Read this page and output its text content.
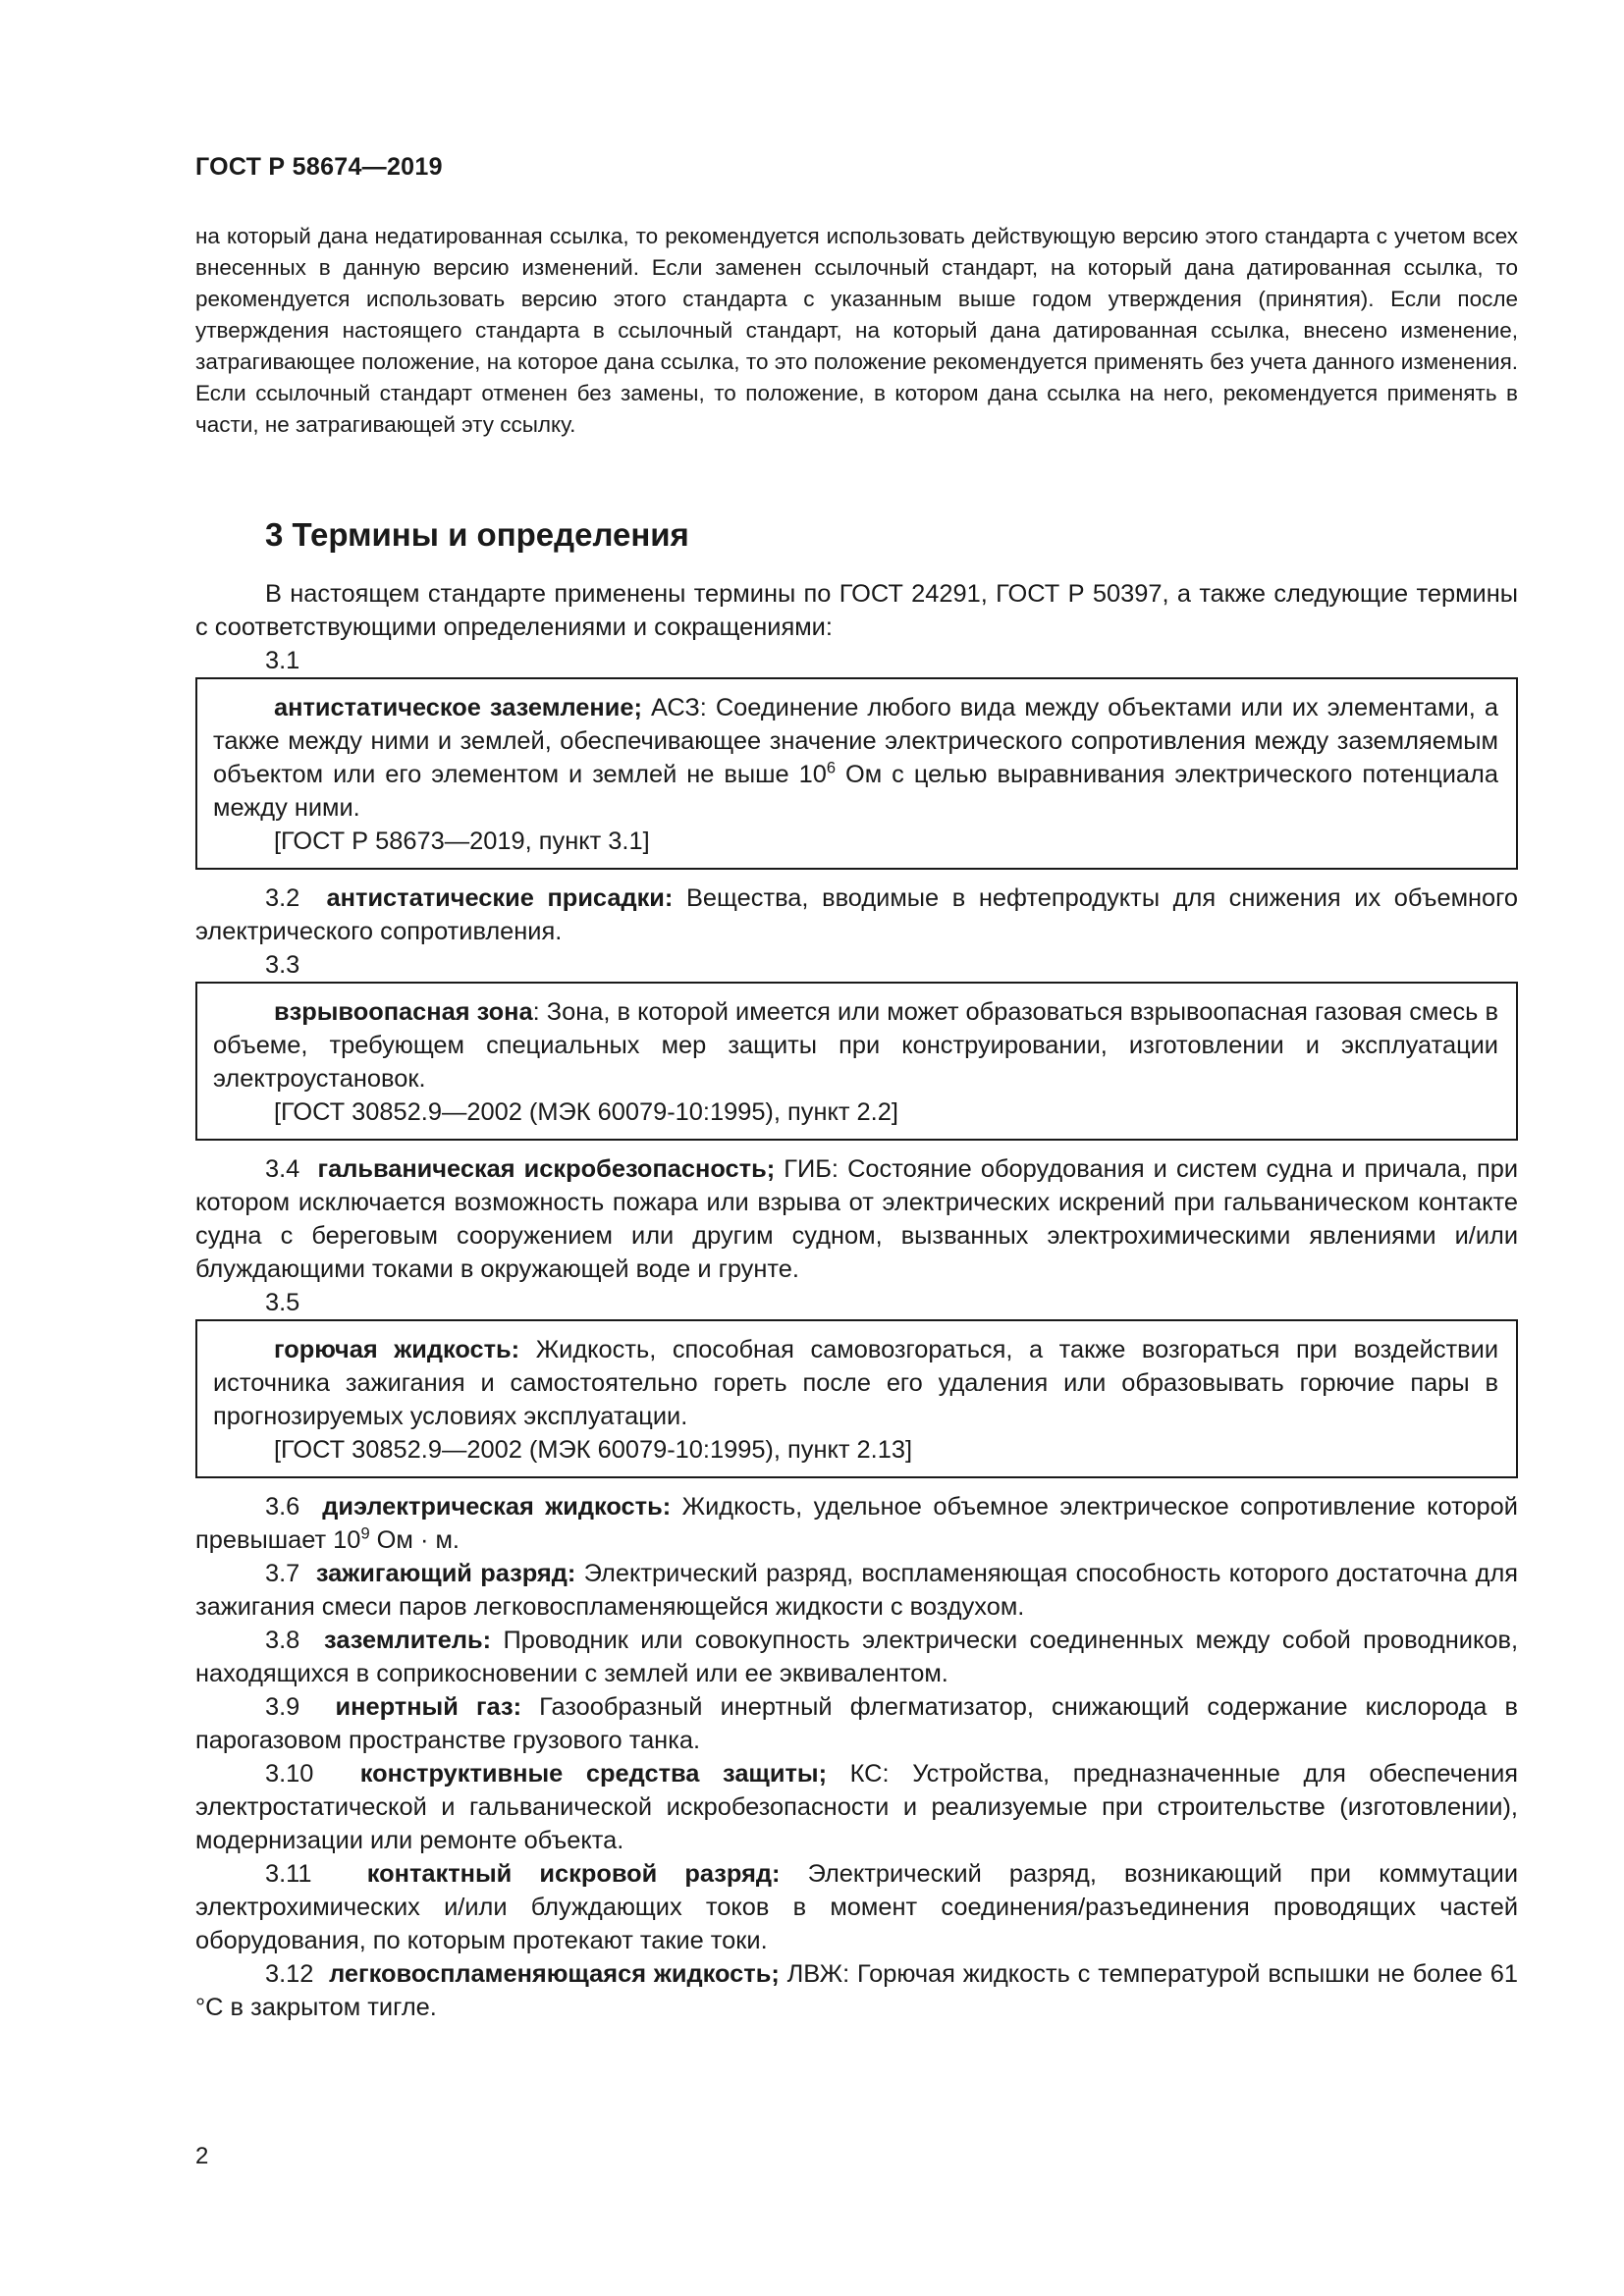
ГОСТ Р 58674—2019
на который дана недатированная ссылка, то рекомендуется использовать действующую версию этого стандарта с учетом всех внесенных в данную версию изменений. Если заменен ссылочный стандарт, на который дана датированная ссылка, то рекомендуется использовать версию этого стандарта с указанным выше годом утверждения (принятия). Если после утверждения настоящего стандарта в ссылочный стандарт, на который дана датированная ссылка, внесено изменение, затрагивающее положение, на которое дана ссылка, то это положение рекомендуется применять без учета данного изменения. Если ссылочный стандарт отменен без замены, то положение, в котором дана ссылка на него, рекомендуется применять в части, не затрагивающей эту ссылку.
3 Термины и определения

В настоящем стандарте применены термины по ГОСТ 24291, ГОСТ Р 50397, а также следующие термины с соответствующими определениями и сокращениями:

3.1

антистатическое заземление; АСЗ: Соединение любого вида между объектами или их элементами, а также между ними и землей, обеспечивающее значение электрического сопротивления между заземляемым объектом или его элементом и землей не выше $10^6$ Ом с целью выравнивания электрического потенциала между ними.

[ГОСТ Р 58673—2019, пункт 3.1]

3.2 антистатические присадки: Вещества, вводимые в нефтепродукты для снижения их объемного электрического сопротивления.

3.3

взрывоопасная зона: Зона, в которой имеется или может образоваться взрывоопасная газовая смесь в объеме, требующем специальных мер защиты при конструировании, изготовлении и эксплуатации электроустановок.

[ГОСТ 30852.9—2002 (МЭК 60079-10:1995), пункт 2.2]

3.4 гальваническая искробезопасность; ГИБ: Состояние оборудования и систем судна и причала, при котором исключается возможность пожара или взрыва от электрических искрений при гальваническом контакте судна с береговым сооружением или другим судном, вызванных электрохимическими явлениями и/или блуждающими токами в окружающей воде и грунте.

3.5

горючая жидкость: Жидкость, способная самовозгораться, а также возгораться при воздействии источника зажигания и самостоятельно гореть после его удаления или образовывать горючие пары в прогнозируемых условиях эксплуатации.

[ГОСТ 30852.9—2002 (МЭК 60079-10:1995), пункт 2.13]

3.6 диэлектрическая жидкость: Жидкость, удельное объемное электрическое сопротивление которой превышает $10^9$ Ом · м.

3.7 зажигающий разряд: Электрический разряд, воспламеняющая способность которого достаточна для зажигания смеси паров легковоспламеняющейся жидкости с воздухом.

3.8 заземлитель: Проводник или совокупность электрически соединенных между собой проводников, находящихся в соприкосновении с землей или ее эквивалентом.

3.9 инертный газ: Газообразный инертный флегматизатор, снижающий содержание кислорода в парогазовом пространстве грузового танка.

3.10 конструктивные средства защиты; КС: Устройства, предназначенные для обеспечения электростатической и гальванической искробезопасности и реализуемые при строительстве (изготовлении), модернизации или ремонте объекта.

3.11 контактный искровой разряд: Электрический разряд, возникающий при коммутации электрохимических и/или блуждающих токов в момент соединения/разъединения проводящих частей оборудования, по которым протекают такие токи.

3.12 легковоспламеняющаяся жидкость; ЛВЖ: Горючая жидкость с температурой вспышки не более 61 °С в закрытом тигле.

2
